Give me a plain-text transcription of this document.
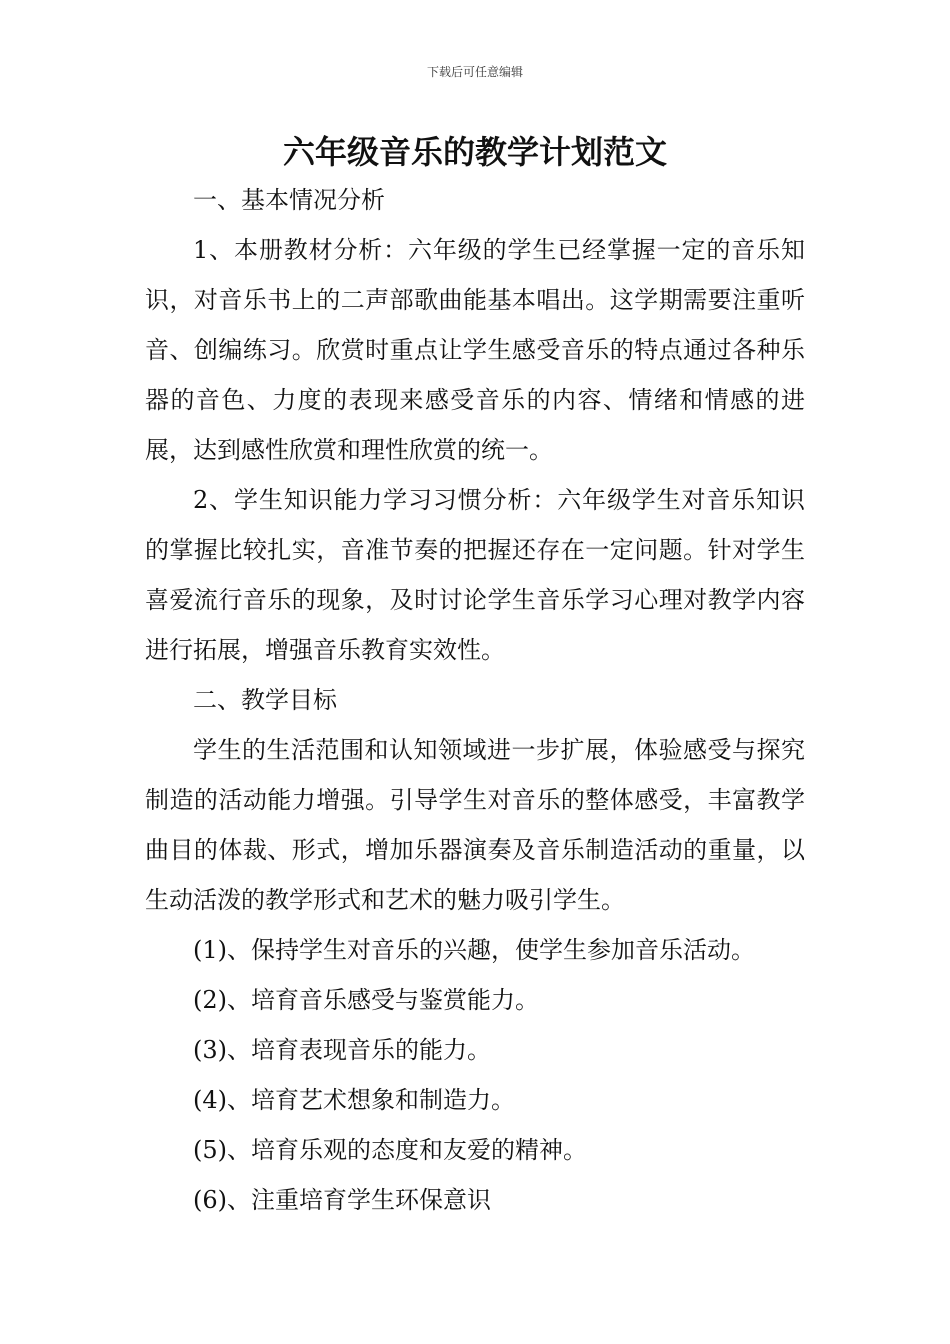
下载后可任意编辑
六年级音乐的教学计划范文

一、基本情况分析

1、本册教材分析：六年级的学生已经掌握一定的音乐知识，对音乐书上的二声部歌曲能基本唱出。这学期需要注重听音、创编练习。欣赏时重点让学生感受音乐的特点通过各种乐器的音色、力度的表现来感受音乐的内容、情绪和情感的进展，达到感性欣赏和理性欣赏的统一。

2、学生知识能力学习习惯分析：六年级学生对音乐知识的掌握比较扎实，音准节奏的把握还存在一定问题。针对学生喜爱流行音乐的现象，及时讨论学生音乐学习心理对教学内容进行拓展，增强音乐教育实效性。

二、教学目标

学生的生活范围和认知领域进一步扩展，体验感受与探究制造的活动能力增强。引导学生对音乐的整体感受，丰富教学曲目的体裁、形式，增加乐器演奏及音乐制造活动的重量，以生动活泼的教学形式和艺术的魅力吸引学生。

(1)、保持学生对音乐的兴趣，使学生参加音乐活动。

(2)、培育音乐感受与鉴赏能力。

(3)、培育表现音乐的能力。

(4)、培育艺术想象和制造力。

(5)、培育乐观的态度和友爱的精神。

(6)、注重培育学生环保意识
